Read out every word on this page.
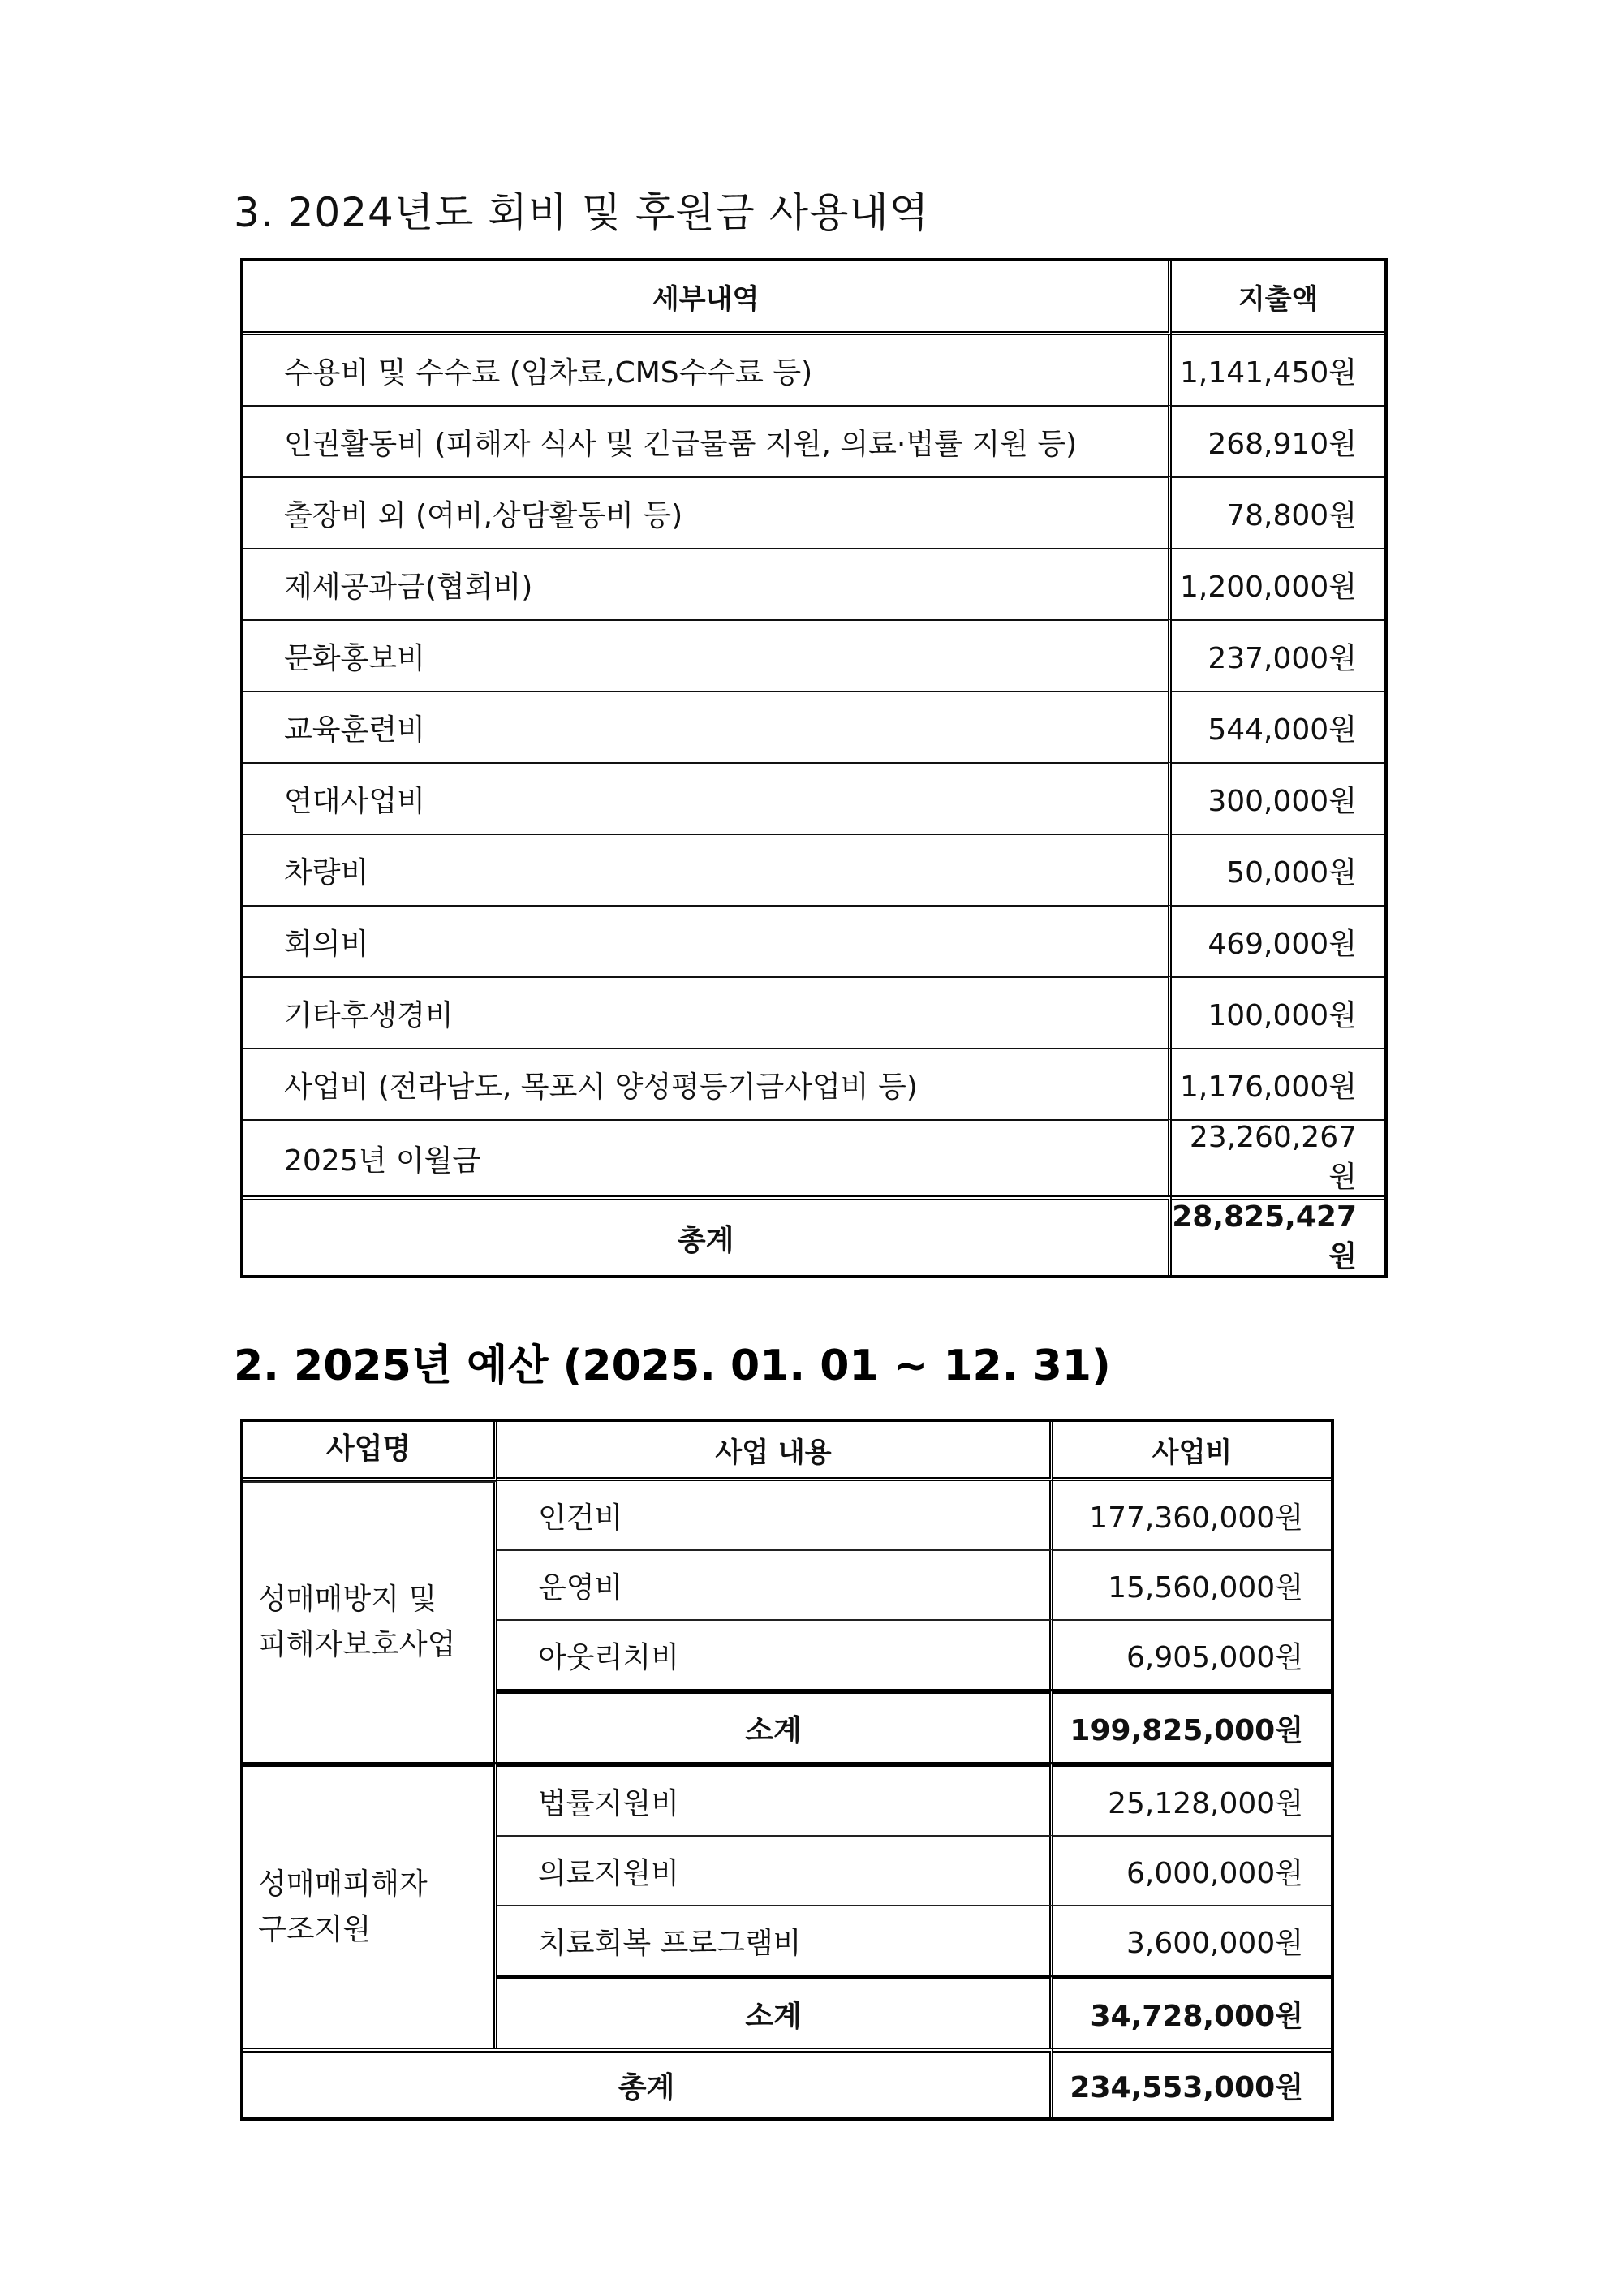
3. 2024년도 회비 및 후원금 사용내역
세부내역	지출액
수용비 및 수수료 (임차료,CMS수수료 등)	1,141,450원
인권활동비 (피해자 식사 및 긴급물품 지원, 의료·법률 지원 등)	268,910원
출장비 외 (여비,상담활동비 등)	78,800원
제세공과금(협회비)	1,200,000원
문화홍보비	237,000원
교육훈련비	544,000원
연대사업비	300,000원
차량비	50,000원
회의비	469,000원
기타후생경비	100,000원
사업비 (전라남도, 목포시 양성평등기금사업비 등)	1,176,000원
2025년 이월금	23,260,267원
총계	28,825,427원
2. 2025년 예산 (2025. 01. 01 ~ 12. 31)
사업명	사업 내용	사업비

성매매방지 및
피해자보호사업	인건비	177,360,000원
	운영비	15,560,000원
	아웃리치비	6,905,000원
	소계	199,825,000원

성매매피해자
구조지원	법률지원비	25,128,000원
	의료지원비	6,000,000원
	치료회복 프로그램비	3,600,000원
	소계	34,728,000원
총계		234,553,000원
